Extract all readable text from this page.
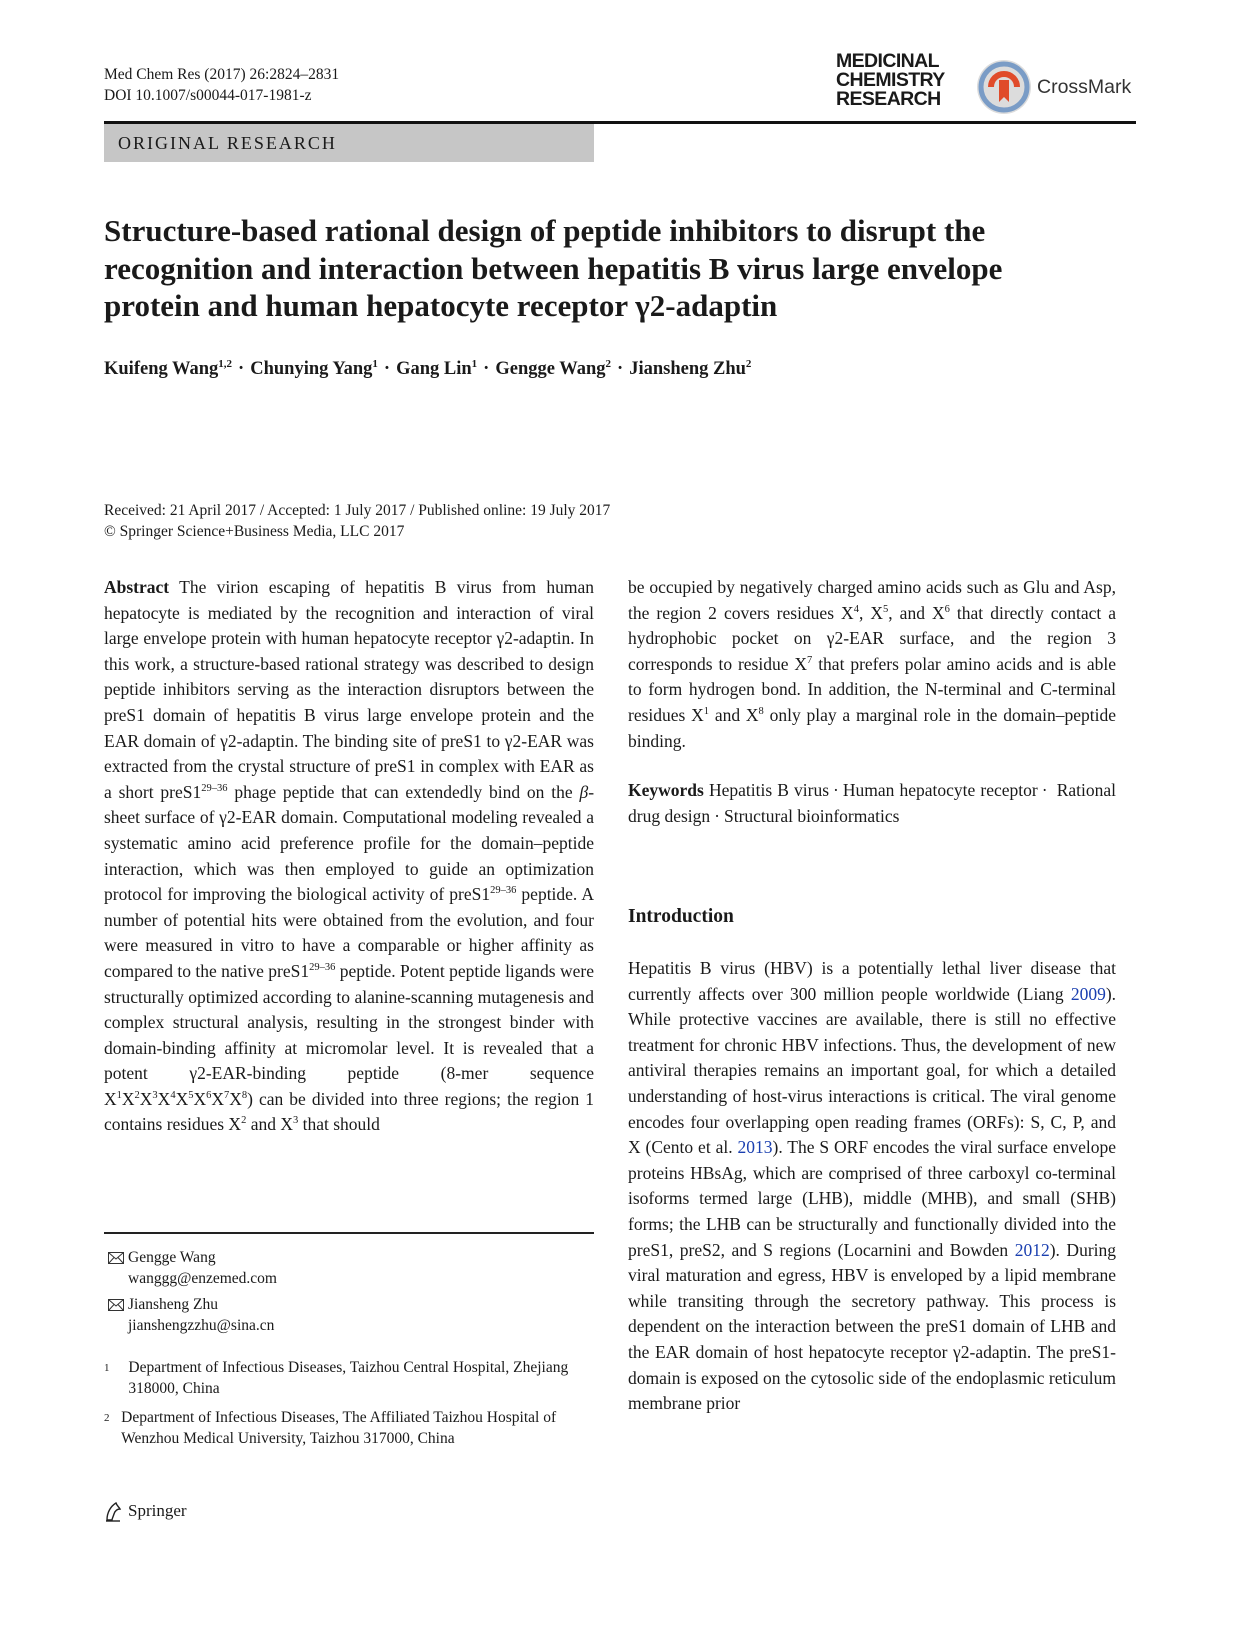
Med Chem Res (2017) 26:2824–2831
DOI 10.1007/s00044-017-1981-z
MEDICINAL
CHEMISTRY
RESEARCH
CrossMark
ORIGINAL RESEARCH
Structure-based rational design of peptide inhibitors to disrupt the recognition and interaction between hepatitis B virus large envelope protein and human hepatocyte receptor γ2-adaptin
Kuifeng Wang$^{1,2}$ · Chunying Yang$^1$ · Gang Lin$^1$ · Gengge Wang$^2$ · Jiansheng Zhu$^2$
Received: 21 April 2017 / Accepted: 1 July 2017 / Published online: 19 July 2017
© Springer Science+Business Media, LLC 2017

Abstract The virion escaping of hepatitis B virus from human hepatocyte is mediated by the recognition and interaction of viral large envelope protein with human hepatocyte receptor γ2-adaptin. In this work, a structure-based rational strategy was described to design peptide inhibitors serving as the interaction disruptors between the preS1 domain of hepatitis B virus large envelope protein and the EAR domain of γ2-adaptin. The binding site of preS1 to γ2-EAR was extracted from the crystal structure of preS1 in complex with EAR as a short preS1$^{29-36}$ phage peptide that can extendedly bind on the β-sheet surface of γ2-EAR domain. Computational modeling revealed a systematic amino acid preference profile for the domain–peptide interaction, which was then employed to guide an optimization protocol for improving the biological activity of preS1$^{29-36}$ peptide. A number of potential hits were obtained from the evolution, and four were measured in vitro to have a comparable or higher affinity as compared to the native preS1$^{29-36}$ peptide. Potent peptide ligands were structurally optimized according to alanine-scanning mutagenesis and complex structural analysis, resulting in the strongest binder with domain-binding affinity at micromolar level. It is revealed that a potent γ2-EAR-binding peptide (8-mer sequence $X^1X^2X^3X^4X^5X^6X^7X^8$) can be divided into three regions; the region 1 contains residues $X^2$ and $X^3$ that should

Gengge Wang
wanggg@enzemed.com
Jiansheng Zhu
jianshengzzhu@sina.cn
1	Department of Infectious Diseases, Taizhou Central Hospital, Zhejiang 318000, China
2 Department of Infectious Diseases, The Affiliated Taizhou Hospital of Wenzhou Medical University, Taizhou 317000, China

be occupied by negatively charged amino acids such as Glu and Asp, the region 2 covers residues $X^4$, $X^5$, and $X^6$ that directly contact a hydrophobic pocket on γ2-EAR surface, and the region 3 corresponds to residue $X^7$ that prefers polar amino acids and is able to form hydrogen bond. In addition, the N-terminal and C-terminal residues $X^1$ and $X^8$ only play a marginal role in the domain–peptide binding.

Keywords Hepatitis B virus · Human hepatocyte receptor · Rational drug design · Structural bioinformatics

Introduction

Hepatitis B virus (HBV) is a potentially lethal liver disease that currently affects over 300 million people worldwide (Liang 2009). While protective vaccines are available, there is still no effective treatment for chronic HBV infections. Thus, the development of new antiviral therapies remains an important goal, for which a detailed understanding of host-virus interactions is critical. The viral genome encodes four overlapping open reading frames (ORFs): S, C, P, and X (Cento et al. 2013). The S ORF encodes the viral surface envelope proteins HBsAg, which are comprised of three carboxyl co-terminal isoforms termed large (LHB), middle (MHB), and small (SHB) forms; the LHB can be structurally and functionally divided into the preS1, preS2, and S regions (Locarnini and Bowden 2012). During viral maturation and egress, HBV is enveloped by a lipid membrane while transiting through the secretory pathway. This process is dependent on the interaction between the preS1 domain of LHB and the EAR domain of host hepatocyte receptor γ2-adaptin. The preS1-domain is exposed on the cytosolic side of the endoplasmic reticulum membrane prior

Springer
